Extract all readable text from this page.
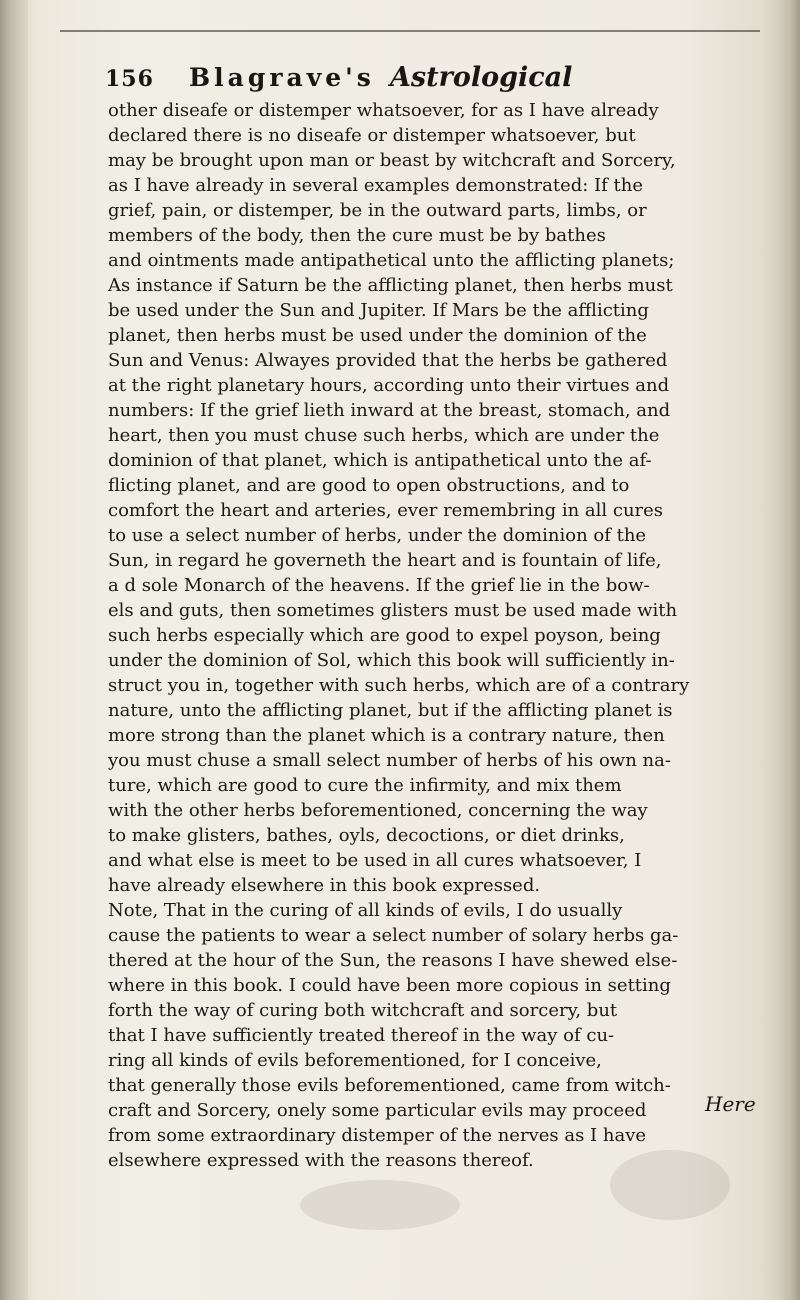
156 Blagrave's Astrological
other diseafe or distemper whatsoever, for as I have already
declared there is no diseafe or distemper whatsoever, but
may be brought upon man or beast by witchcraft and Sorcery,
as I have already in several examples demonstrated: If the
grief, pain, or distemper, be in the outward parts, limbs, or
members of the body, then the cure must be by bathes
and ointments made antipathetical unto the afflicting planets;
As instance if Saturn be the afflicting planet, then herbs must
be used under the Sun and Jupiter. If Mars be the afflicting
planet, then herbs must be used under the dominion of the
Sun and Venus: Alwayes provided that the herbs be gathered
at the right planetary hours, according unto their virtues and
numbers: If the grief lieth inward at the breast, stomach, and
heart, then you must chuse such herbs, which are under the
dominion of that planet, which is antipathetical unto the af-
flicting planet, and are good to open obstructions, and to
comfort the heart and arteries, ever remembring in all cures
to use a select number of herbs, under the dominion of the
Sun, in regard he governeth the heart and is fountain of life,
a d sole Monarch of the heavens. If the grief lie in the bow-
els and guts, then sometimes glisters must be used made with
such herbs especially which are good to expel poyson, being
under the dominion of Sol, which this book will sufficiently in-
struct you in, together with such herbs, which are of a contrary
nature, unto the afflicting planet, but if the afflicting planet is
more strong than the planet which is a contrary nature, then
you must chuse a small select number of herbs of his own na-
ture, which are good to cure the infirmity, and mix them
with the other herbs beforementioned, concerning the way
to make glisters, bathes, oyls, decoctions, or diet drinks,
and what else is meet to be used in all cures whatsoever, I
have already elsewhere in this book expressed.
Note, That in the curing of all kinds of evils, I do usually
cause the patients to wear a select number of solary herbs ga-
thered at the hour of the Sun, the reasons I have shewed else-
where in this book. I could have been more copious in setting
forth the way of curing both witchcraft and sorcery, but
that I have sufficiently treated thereof in the way of cu-
ring all kinds of evils beforementioned, for I conceive,
that generally those evils beforementioned, came from witch-
craft and Sorcery, onely some particular evils may proceed
from some extraordinary distemper of the nerves as I have
elsewhere expressed with the reasons thereof.
Here
